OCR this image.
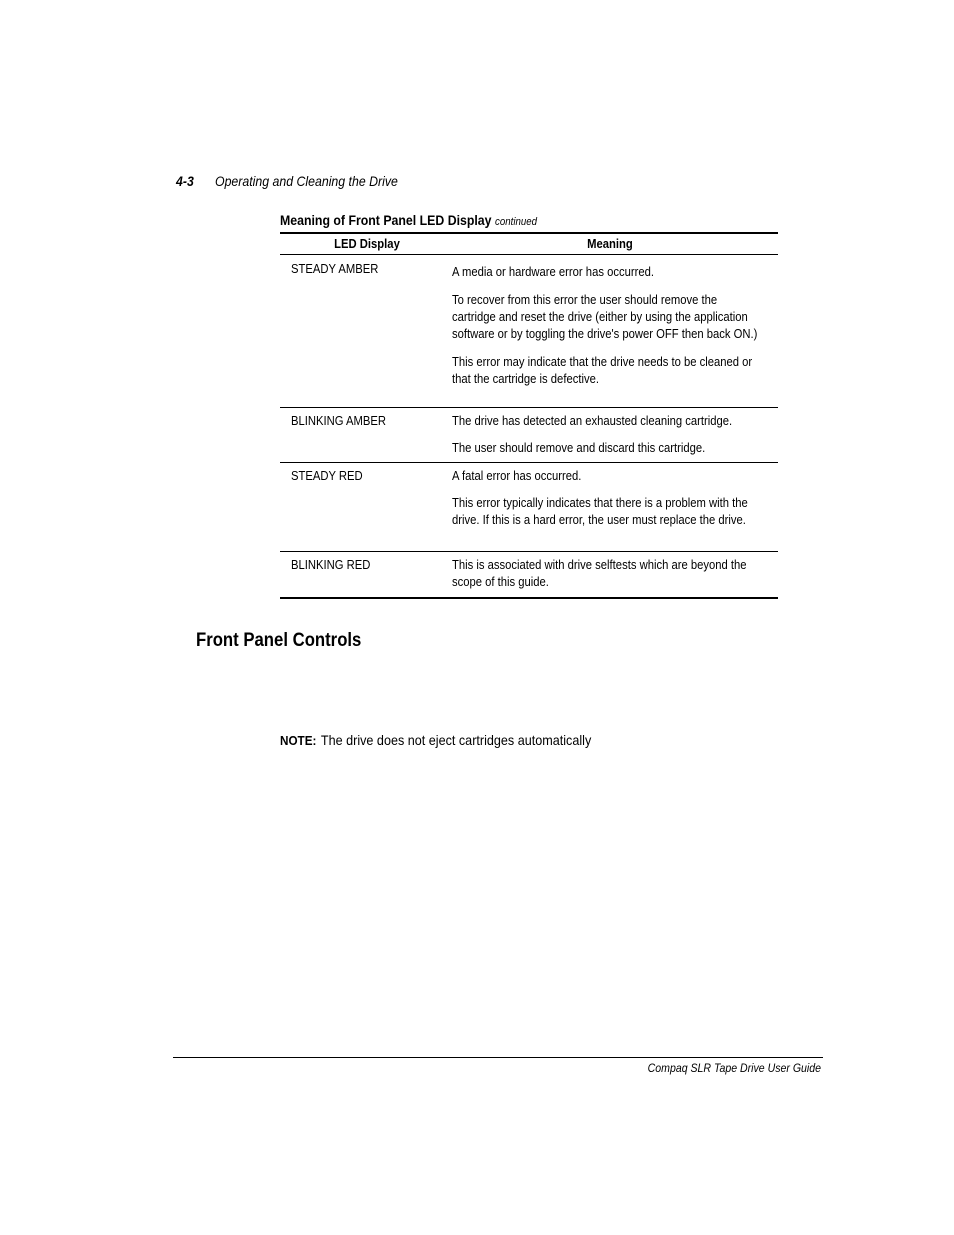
4-3 Operating and Cleaning the Drive
Meaning of Front Panel LED Display continued
LED Display	Meaning
STEADY AMBER	A media or hardware error has occurred.

To recover from this error the user should remove the cartridge and reset the drive (either by using the application software or by toggling the drive's power OFF then back ON.)

This error may indicate that the drive needs to be cleaned or that the cartridge is defective.

BLINKING AMBER	The drive has detected an exhausted cleaning cartridge.

The user should remove and discard this cartridge.

STEADY RED	A fatal error has occurred.

This error typically indicates that there is a problem with the drive. If this is a hard error, the user must replace the drive.

BLINKING RED	This is associated with drive selftests which are beyond the scope of this guide.

Front Panel Controls
NOTE: The drive does not eject cartridges automatically
Compaq SLR Tape Drive User Guide
